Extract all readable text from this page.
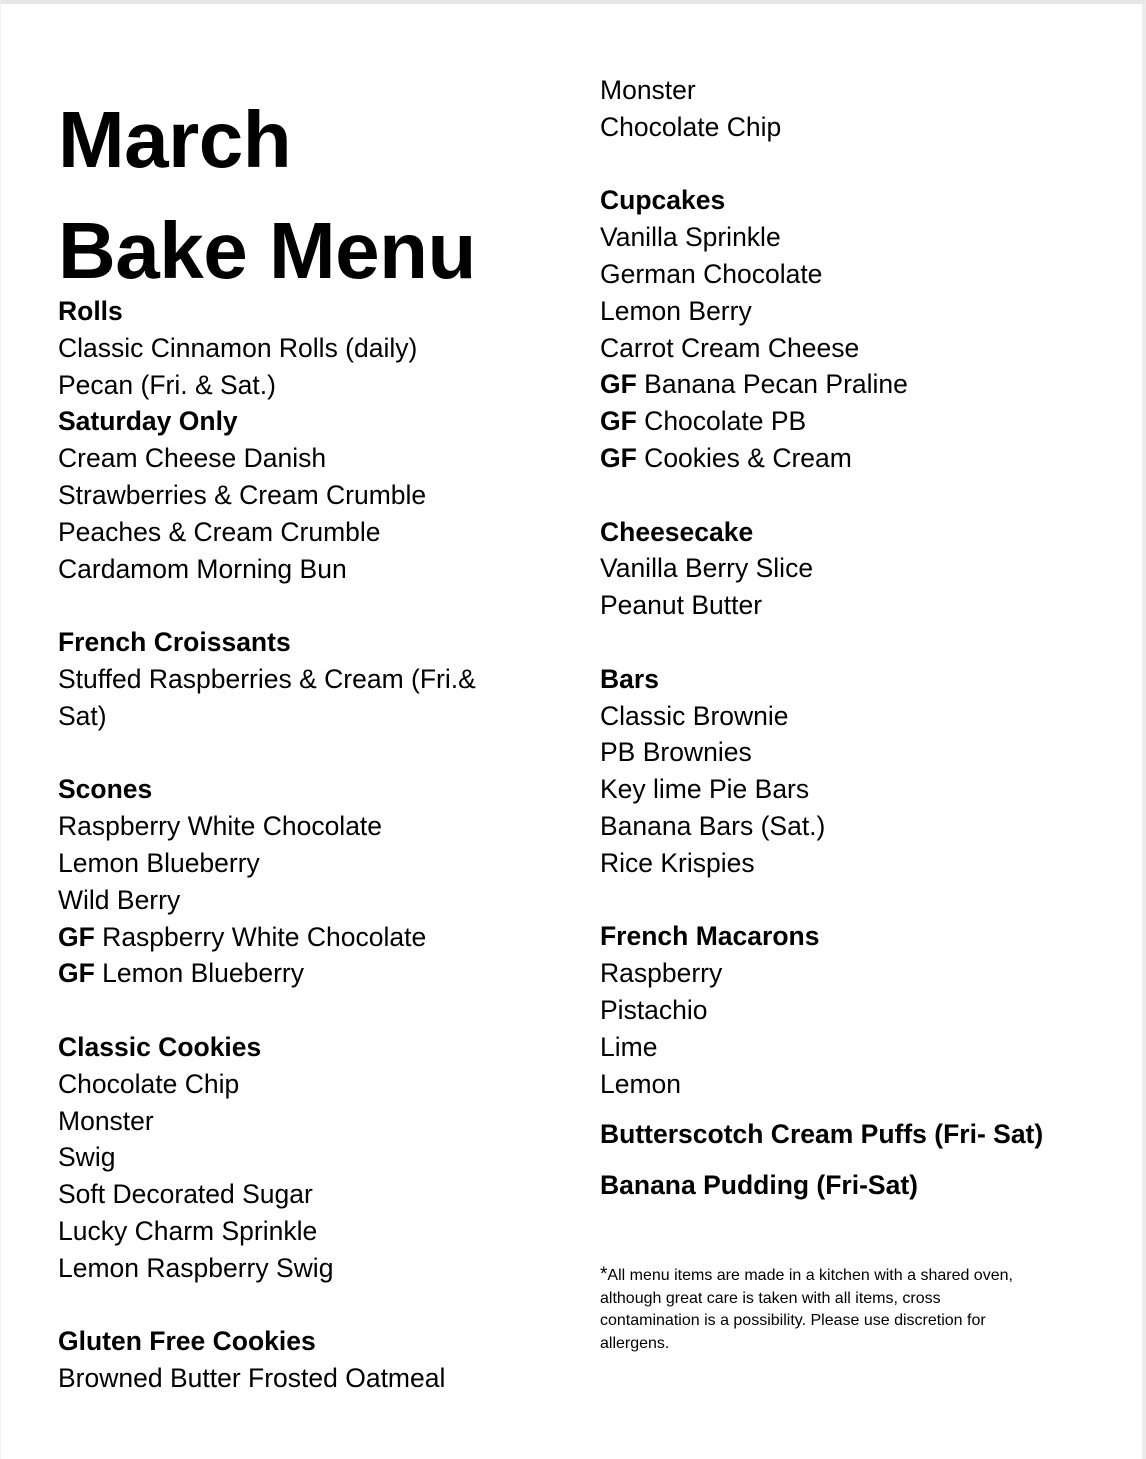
March
Bake Menu
Rolls
Classic Cinnamon Rolls (daily)
Pecan (Fri. & Sat.)
Saturday Only
Cream Cheese Danish
Strawberries & Cream Crumble
Peaches & Cream Crumble
Cardamom Morning Bun
French Croissants
Stuffed Raspberries & Cream (Fri.&
Sat)
Scones
Raspberry White Chocolate
Lemon Blueberry
Wild Berry
GF Raspberry White Chocolate
GF Lemon Blueberry
Classic Cookies
Chocolate Chip
Monster
Swig
Soft Decorated Sugar
Lucky Charm Sprinkle
Lemon Raspberry Swig
Gluten Free Cookies
Browned Butter Frosted Oatmeal
Monster
Chocolate Chip
Cupcakes
Vanilla Sprinkle
German Chocolate
Lemon Berry
Carrot Cream Cheese
GF Banana Pecan Praline
GF Chocolate PB
GF Cookies & Cream
Cheesecake
Vanilla Berry Slice
Peanut Butter
Bars
Classic Brownie
PB Brownies
Key lime Pie Bars
Banana Bars (Sat.)
Rice Krispies
French Macarons
Raspberry
Pistachio
Lime
Lemon
Butterscotch Cream Puffs (Fri- Sat)
Banana Pudding (Fri-Sat)
*All menu items are made in a kitchen with a shared oven,
although great care is taken with all items, cross
contamination is a possibility. Please use discretion for
allergens.
